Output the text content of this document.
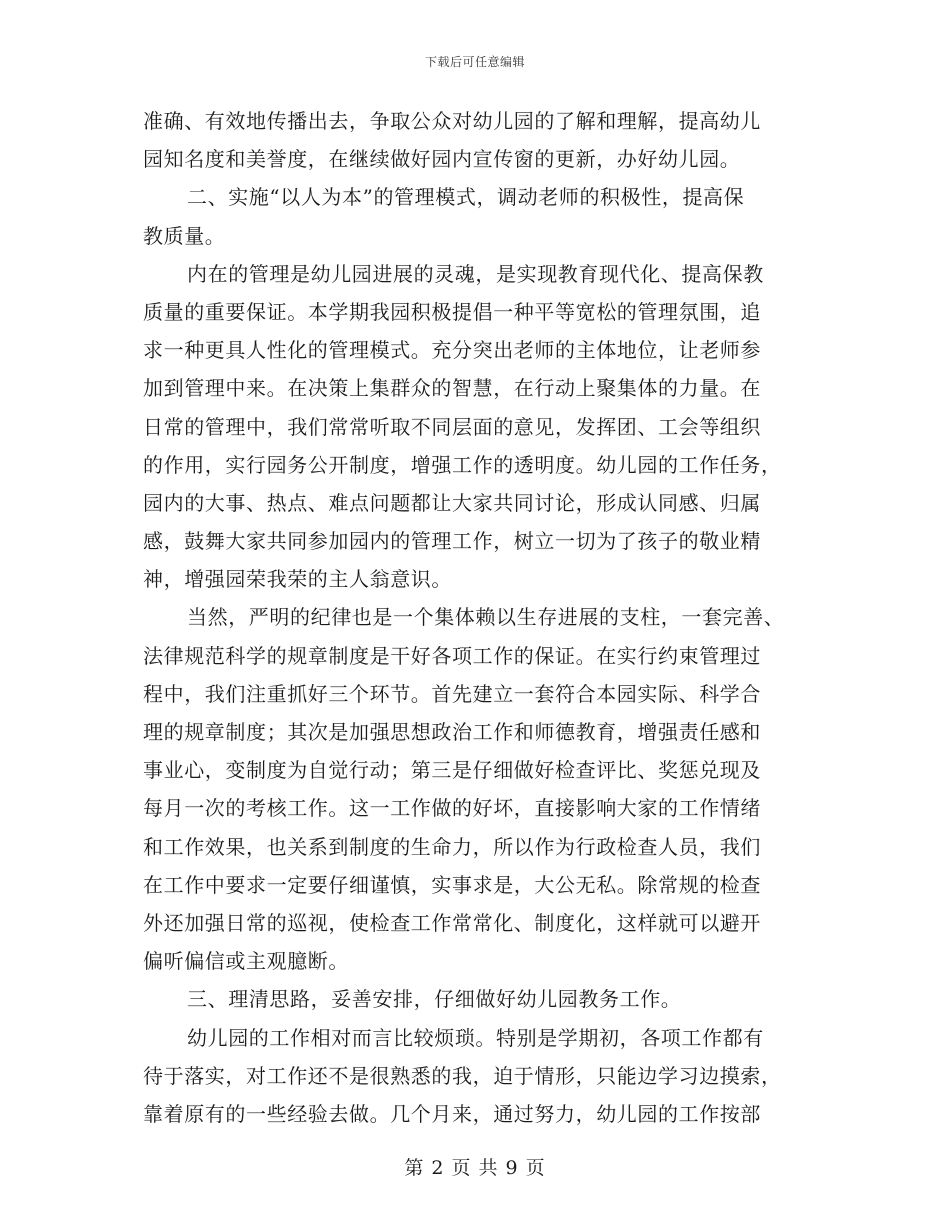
下载后可任意编辑
准确、有效地传播出去，争取公众对幼儿园的了解和理解，提高幼儿
园知名度和美誉度，在继续做好园内宣传窗的更新，办好幼儿园。
二、实施“以人为本”的管理模式，调动老师的积极性，提高保
教质量。
内在的管理是幼儿园进展的灵魂，是实现教育现代化、提高保教
质量的重要保证。本学期我园积极提倡一种平等宽松的管理氛围，追
求一种更具人性化的管理模式。充分突出老师的主体地位，让老师参
加到管理中来。在决策上集群众的智慧，在行动上聚集体的力量。在
日常的管理中，我们常常听取不同层面的意见，发挥团、工会等组织
的作用，实行园务公开制度，增强工作的透明度。幼儿园的工作任务，
园内的大事、热点、难点问题都让大家共同讨论，形成认同感、归属
感，鼓舞大家共同参加园内的管理工作，树立一切为了孩子的敬业精
神，增强园荣我荣的主人翁意识。
当然，严明的纪律也是一个集体赖以生存进展的支柱，一套完善、
法律规范科学的规章制度是干好各项工作的保证。在实行约束管理过
程中，我们注重抓好三个环节。首先建立一套符合本园实际、科学合
理的规章制度；其次是加强思想政治工作和师德教育，增强责任感和
事业心，变制度为自觉行动；第三是仔细做好检查评比、奖惩兑现及
每月一次的考核工作。这一工作做的好坏，直接影响大家的工作情绪
和工作效果，也关系到制度的生命力，所以作为行政检查人员，我们
在工作中要求一定要仔细谨慎，实事求是，大公无私。除常规的检查
外还加强日常的巡视，使检查工作常常化、制度化，这样就可以避开
偏听偏信或主观臆断。
三、理清思路，妥善安排，仔细做好幼儿园教务工作。
幼儿园的工作相对而言比较烦琐。特别是学期初，各项工作都有
待于落实，对工作还不是很熟悉的我，迫于情形，只能边学习边摸索，
靠着原有的一些经验去做。几个月来，通过努力，幼儿园的工作按部
第 2 页 共 9 页
